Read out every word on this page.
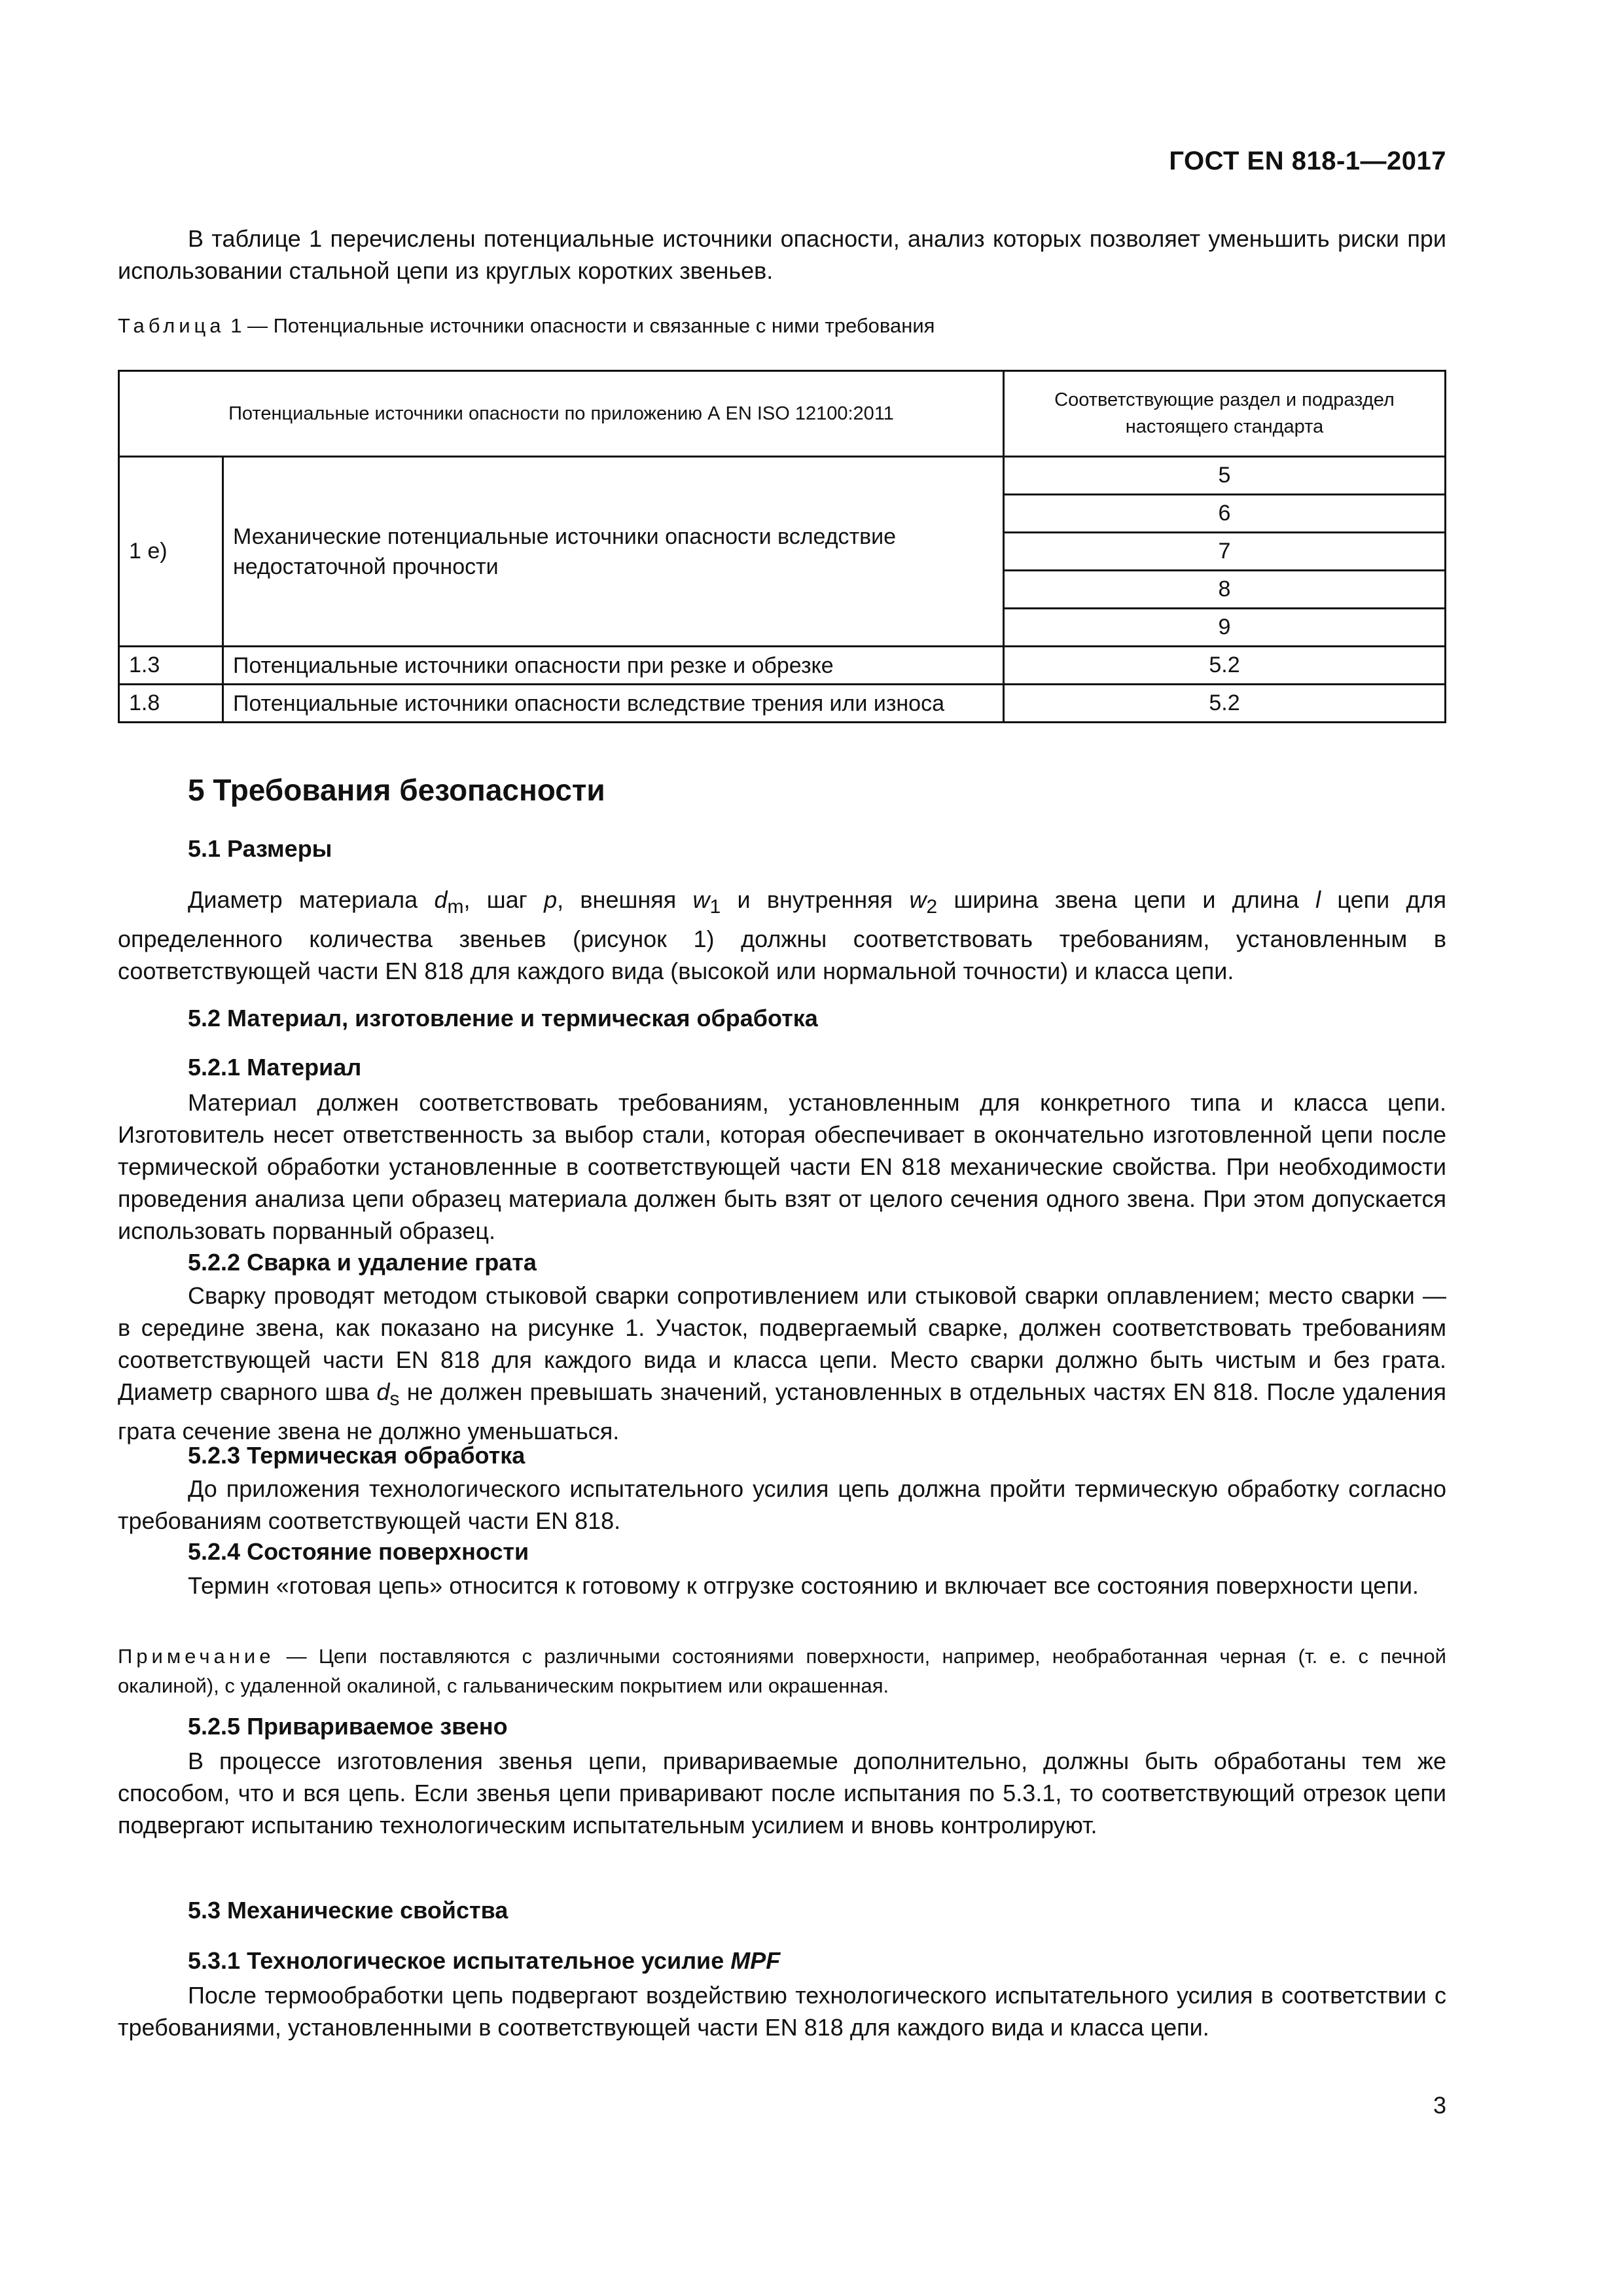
ГОСТ EN 818-1—2017

В таблице 1 перечислены потенциальные источники опасности, анализ которых позволяет уменьшить риски при использовании стальной цепи из круглых коротких звеньев.

Таблица 1 — Потенциальные источники опасности и связанные с ними требования
Потенциальные источники опасности по приложению А EN ISO 12100:2011		Соответствующие раздел и подраздел настоящего стандарта
1 е)	Механические потенциальные источники опасности вследствие недостаточной прочности	5
		6
		7
		8
		9
1.3	Потенциальные источники опасности при резке и обрезке	5.2
1.8	Потенциальные источники опасности вследствие трения или износа	5.2
5 Требования безопасности
5.1 Размеры

Диаметр материала $d_m$, шаг p, внешняя $w_1$ и внутренняя $w_2$ ширина звена цепи и длина l цепи для определенного количества звеньев (рисунок 1) должны соответствовать требованиям, установленным в соответствующей части EN 818 для каждого вида (высокой или нормальной точности) и класса цепи.

5.2 Материал, изготовление и термическая обработка
5.2.1 Материал

Материал должен соответствовать требованиям, установленным для конкретного типа и класса цепи. Изготовитель несет ответственность за выбор стали, которая обеспечивает в окончательно изготовленной цепи после термической обработки установленные в соответствующей части EN 818 механические свойства. При необходимости проведения анализа цепи образец материала должен быть взят от целого сечения одного звена. При этом допускается использовать порванный образец.

5.2.2 Сварка и удаление грата

Сварку проводят методом стыковой сварки сопротивлением или стыковой сварки оплавлением; место сварки — в середине звена, как показано на рисунке 1. Участок, подвергаемый сварке, должен соответствовать требованиям соответствующей части EN 818 для каждого вида и класса цепи. Место сварки должно быть чистым и без грата. Диаметр сварного шва $d_s$ не должен превышать значений, установленных в отдельных частях EN 818. После удаления грата сечение звена не должно уменьшаться.

5.2.3 Термическая обработка

До приложения технологического испытательного усилия цепь должна пройти термическую обработку согласно требованиям соответствующей части EN 818.

5.2.4 Состояние поверхности

Термин «готовая цепь» относится к готовому к отгрузке состоянию и включает все состояния поверхности цепи.

Примечание — Цепи поставляются с различными состояниями поверхности, например, необработанная черная (т. е. с печной окалиной), с удаленной окалиной, с гальваническим покрытием или окрашенная.

5.2.5 Привариваемое звено

В процессе изготовления звенья цепи, привариваемые дополнительно, должны быть обработаны тем же способом, что и вся цепь. Если звенья цепи приваривают после испытания по 5.3.1, то соответствующий отрезок цепи подвергают испытанию технологическим испытательным усилием и вновь контролируют.

5.3 Механические свойства
5.3.1 Технологическое испытательное усилие MPF

После термообработки цепь подвергают воздействию технологического испытательного усилия в соответствии с требованиями, установленными в соответствующей части EN 818 для каждого вида и класса цепи.

3
